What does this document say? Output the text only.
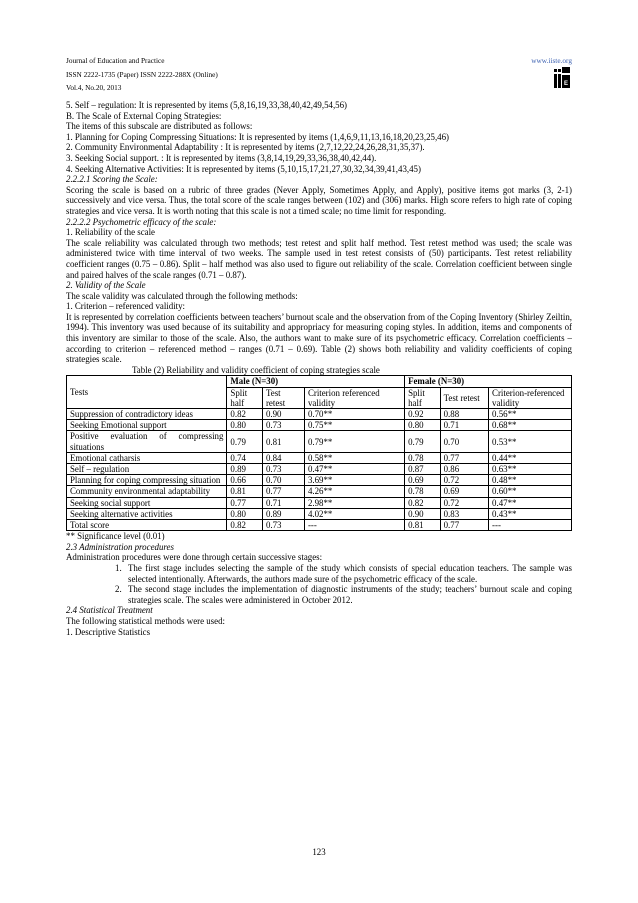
Journal of Education and Practice
ISSN 2222-1735 (Paper) ISSN 2222-288X (Online)
Vol.4, No.20, 2013
www.iiste.org
E

5. Self – regulation: It is represented by items (5,8,16,19,33,38,40,42,49,54,56)

B. The Scale of External Coping Strategies:

The items of this subscale are distributed as follows:

1. Planning for Coping Compressing Situations: It is represented by items (1,4,6,9,11,13,16,18,20,23,25,46)

2. Community Environmental Adaptability : It is represented by items (2,7,12,22,24,26,28,31,35,37).

3. Seeking Social support. : It is represented by items (3,8,14,19,29,33,36,38,40,42,44).

4. Seeking Alternative Activities: It is represented by items (5,10,15,17,21,27,30,32,34,39,41,43,45)

2.2.2.1 Scoring the Scale:

Scoring the scale is based on a rubric of three grades (Never Apply, Sometimes Apply, and Apply), positive items got marks (3, 2-1) successively and vice versa. Thus, the total score of the scale ranges between (102) and (306) marks. High score refers to high rate of coping strategies and vice versa. It is worth noting that this scale is not a timed scale; no time limit for responding.

2.2.2.2 Psychometric efficacy of the scale:

1. Reliability of the scale

The scale reliability was calculated through two methods; test retest and split half method. Test retest method was used; the scale was administered twice with time interval of two weeks. The sample used in test retest consists of (50) participants. Test retest reliability coefficient ranges (0.75 – 0.86). Split – half method was also used to figure out reliability of the scale. Correlation coefficient between single and paired halves of the scale ranges (0.71 – 0.87).

2. Validity of the Scale

The scale validity was calculated through the following methods:

1. Criterion – referenced validity:

It is represented by correlation coefficients between teachers’ burnout scale and the observation from of the Coping Inventory (Shirley Zeiltin, 1994). This inventory was used because of its suitability and appropriacy for measuring coping styles. In addition, items and components of this inventory are similar to those of the scale. Also, the authors want to make sure of its psychometric efficacy. Correlation coefficients – according to criterion – referenced method – ranges (0.71 – 0.69). Table (2) shows both reliability and validity coefficients of coping strategies scale.

Table (2) Reliability and validity coefficient of coping strategies scale

Tests	Male (N=30)			Female (N=30)		
	Split half	Test retest	Criterion referenced validity	Split half	Test retest	Criterion-referenced validity
Suppression of contradictory ideas	0.82	0.90	0.70**	0.92	0.88	0.56**
Seeking Emotional support	0.80	0.73	0.75**	0.80	0.71	0.68**
Positive evaluation of compressing situations	0.79	0.81	0.79**	0.79	0.70	0.53**
Emotional catharsis	0.74	0.84	0.58**	0.78	0.77	0.44**
Self – regulation	0.89	0.73	0.47**	0.87	0.86	0.63**
Planning for coping compressing situation	0.66	0.70	3.69**	0.69	0.72	0.48**
Community environmental adaptability	0.81	0.77	4.26**	0.78	0.69	0.60**
Seeking social support	0.77	0.71	2.98**	0.82	0.72	0.47**
Seeking alternative activities	0.80	0.89	4.02**	0.90	0.83	0.43**
Total score	0.82	0.73	---	0.81	0.77	---

** Significance level (0.01)

2.3 Administration procedures

Administration procedures were done through certain successive stages:

1. The first stage includes selecting the sample of the study which consists of special education teachers. The sample was selected intentionally. Afterwards, the authors made sure of the psychometric efficacy of the scale.
2. The second stage includes the implementation of diagnostic instruments of the study; teachers’ burnout scale and coping strategies scale. The scales were administered in October 2012.

2.4 Statistical Treatment

The following statistical methods were used:

1. Descriptive Statistics

123
